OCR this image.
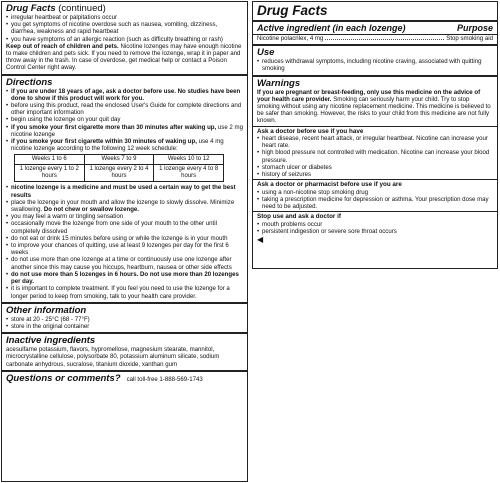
Drug Facts (continued)
• irregular heartbeat or palpitations occur
• you get symptoms of nicotine overdose such as nausea, vomiting, dizziness, diarrhea, weakness and rapid heartbeat
• you have symptoms of an allergic reaction (such as difficulty breathing or rash)

Keep out of reach of children and pets. Nicotine lozenges may have enough nicotine to make children and pets sick. If you need to remove the lozenge, wrap it in paper and throw away in the trash. In case of overdose, get medical help or contact a Poison Control Center right away.

Directions
• if you are under 18 years of age, ask a doctor before use. No studies have been done to show if this product will work for you.
• before using this product, read the enclosed User's Guide for complete directions and other important information
• begin using the lozenge on your quit day
• if you smoke your first cigarette more than 30 minutes after waking up, use 2 mg nicotine lozenge
• if you smoke your first cigarette within 30 minutes of waking up, use 4 mg nicotine lozenge according to the following 12 week schedule:
Weeks 1 to 6	Weeks 7 to 9	Weeks 10 to 12
1 lozenge every 1 to 2 hours	1 lozenge every 2 to 4 hours	1 lozenge every 4 to 8 hours
• nicotine lozenge is a medicine and must be used a certain way to get the best results
• place the lozenge in your mouth and allow the lozenge to slowly dissolve. Minimize swallowing. Do not chew or swallow lozenge.
• you may feel a warm or tingling sensation
• occasionally move the lozenge from one side of your mouth to the other until completely dissolved
• do not eat or drink 15 minutes before using or while the lozenge is in your mouth
• to improve your chances of quitting, use at least 9 lozenges per day for the first 6 weeks
• do not use more than one lozenge at a time or continuously use one lozenge after another since this may cause you hiccups, heartburn, nausea or other side effects
• do not use more than 5 lozenges in 6 hours. Do not use more than 20 lozenges per day.
• it is important to complete treatment. If you feel you need to use the lozenge for a longer period to keep from smoking, talk to your health care provider.
Other information
• store at 20 - 25°C (68 - 77°F)
• store in the original container
Inactive ingredients

acesulfame potassium, flavors, hypromellose, magnesium stearate, mannitol, microcrystalline cellulose, polysorbate 80, potassium aluminum silicate, sodium carbonate anhydrous, sucralose, titanium dioxide, xanthan gum

Questions or comments? call toll-free 1-888-569-1743

Drug Facts
Active ingredient (in each lozenge)	Purpose
Nicotine polacrilex, 4 mg	Stop smoking aid
Use
• reduces withdrawal symptoms, including nicotine craving, associated with quitting smoking
Warnings

If you are pregnant or breast-feeding, only use this medicine on the advice of your health care provider. Smoking can seriously harm your child. Try to stop smoking without using any nicotine replacement medicine. This medicine is believed to be safer than smoking. However, the risks to your child from this medicine are not fully known.

Ask a doctor before use if you have
• heart disease, recent heart attack, or irregular heartbeat. Nicotine can increase your heart rate.
• high blood pressure not controlled with medication. Nicotine can increase your blood pressure.
• stomach ulcer or diabetes
• history of seizures
Ask a doctor or pharmacist before use if you are
• using a non-nicotine stop smoking drug
• taking a prescription medicine for depression or asthma. Your prescription dose may need to be adjusted.
Stop use and ask a doctor if
• mouth problems occur
• persistent indigestion or severe sore throat occurs
◀
